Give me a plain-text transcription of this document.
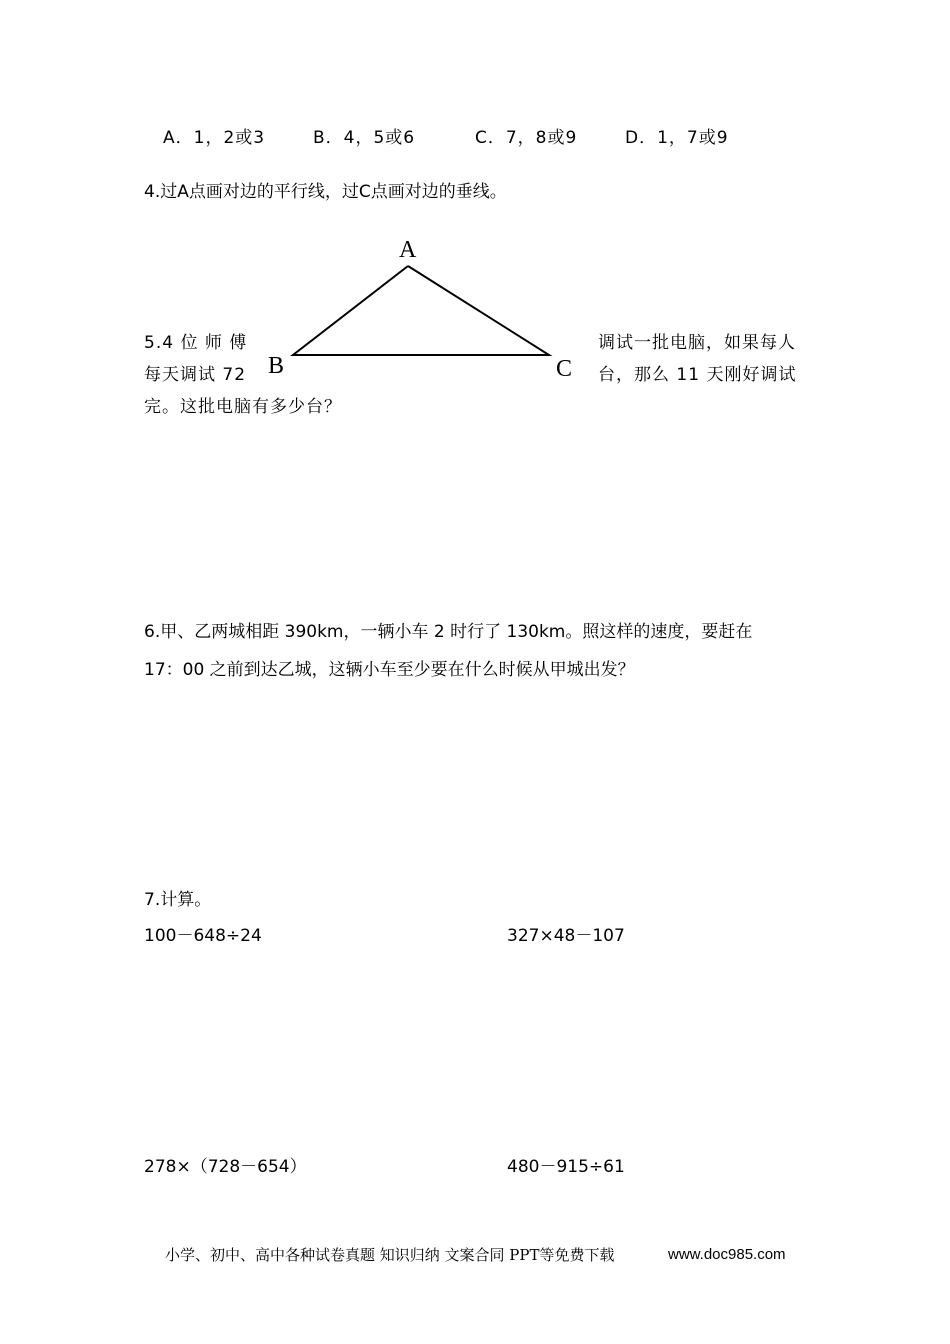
A．1，2或3	B．4，5或6	C．7，8或9	D．1，7或9
4.过A点画对边的平行线，过C点画对边的垂线。
A
B	C
5.4 位 师 傅	调试一批电脑，如果每人
每天调试 72	台，那么 11 天刚好调试
完。这批电脑有多少台？
6.甲、乙两城相距 390km，一辆小车 2 时行了 130km。照这样的速度，要赶在
17：00 之前到达乙城，这辆小车至少要在什么时候从甲城出发？
7.计算。
100－648÷24	327×48－107
278×（728－654）	480－915÷61
小学、初中、高中各种试卷真题 知识归纳 文案合同 PPT等免费下载	www.doc985.com
